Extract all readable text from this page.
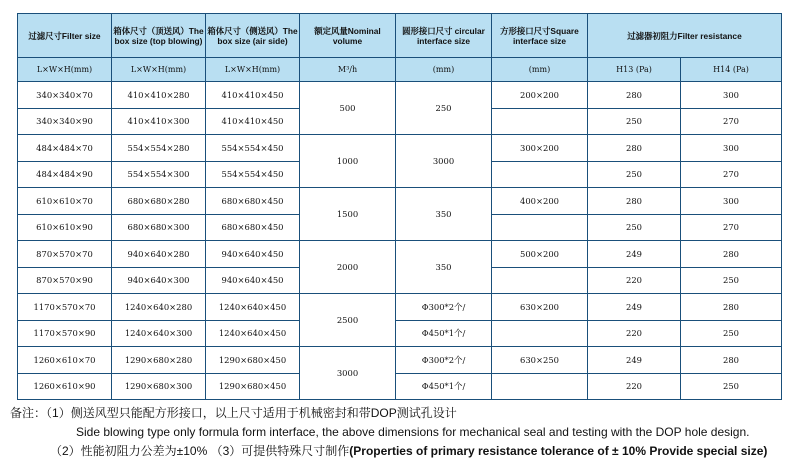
过滤尺寸Filter size	箱体尺寸（顶送风）The box size (top blowing)	箱体尺寸（侧送风）The box size (air side)	额定风量Nominal volume	圆形接口尺寸 circular interface size	方形接口尺寸Square interface size	过滤器初阻力Filter resistance	
L×W×H(mm)	L×W×H(mm)	L×W×H(mm)	M³/h	(mm)	(mm)	H13 (Pa)	H14 (Pa)
340×340×70	410×410×280	410×410×450	500	250	200×200	280	300
340×340×90	410×410×300	410×410×450				250	270
484×484×70	554×554×280	554×554×450	1000	3000	300×200	280	300
484×484×90	554×554×300	554×554×450				250	270
610×610×70	680×680×280	680×680×450	1500	350	400×200	280	300
610×610×90	680×680×300	680×680×450				250	270
870×570×70	940×640×280	940×640×450	2000	350	500×200	249	280
870×570×90	940×640×300	940×640×450				220	250
1170×570×70	1240×640×280	1240×640×450	2500	Φ300*2个/	630×200	249	280
1170×570×90	1240×640×300	1240×640×450		Φ450*1个/		220	250
1260×610×70	1290×680×280	1290×680×450	3000	Φ300*2个/	630×250	249	280
1260×610×90	1290×680×300	1290×680×450		Φ450*1个/		220	250
备注：（1）侧送风型只能配方形接口，以上尺寸适用于机械密封和带DOP测试孔设计
Side blowing type only formula form interface, the above dimensions for mechanical seal and testing with the DOP hole design.
（2）性能初阻力公差为±10% （3）可提供特殊尺寸制作(Properties of primary resistance tolerance of ± 10% Provide special size)
